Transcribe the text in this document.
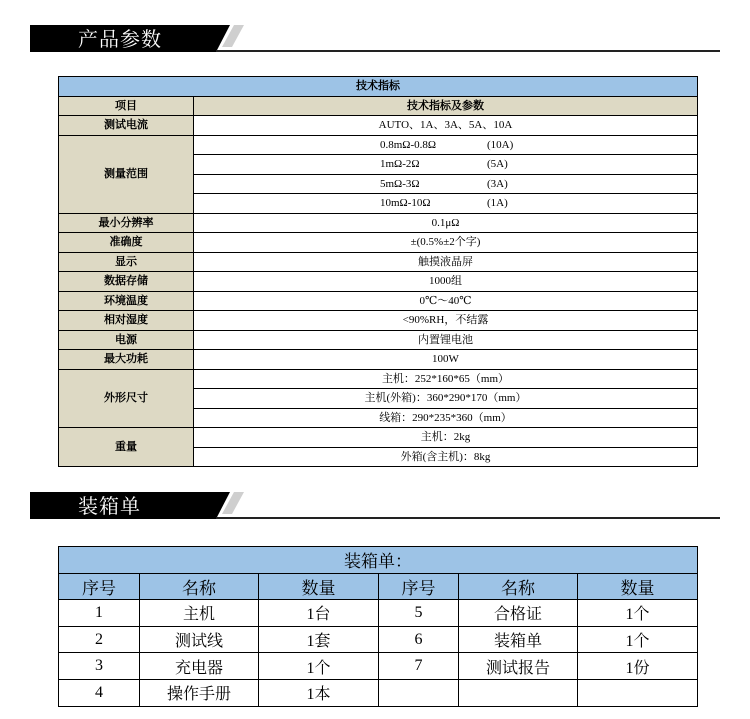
产品参数
技术指标	
项目	技术指标及参数
测试电流	AUTO、1A、3A、5A、10A
测量范围	0.8mΩ-0.8Ω (10A)

	1mΩ-2Ω (5A)

	5mΩ-3Ω (3A)

	10mΩ-10Ω (1A)

最小分辨率	0.1μΩ
准确度	±(0.5%±2个字)
显示	触摸液晶屏
数据存储	1000组
环境温度	0℃～40℃
相对湿度	<90%RH，不结露
电源	内置锂电池
最大功耗	100W
外形尺寸	主机：252*160*65（mm）
	主机(外箱)：360*290*170（mm）
	线箱：290*235*360（mm）
重量	主机：2kg
	外箱(含主机)：8kg
装箱单
装箱单：					
序号	名称	数量	序号	名称	数量
1	主机	1台	5	合格证	1个
2	测试线	1套	6	装箱单	1个
3	充电器	1个	7	测试报告	1份
4	操作手册	1本			
